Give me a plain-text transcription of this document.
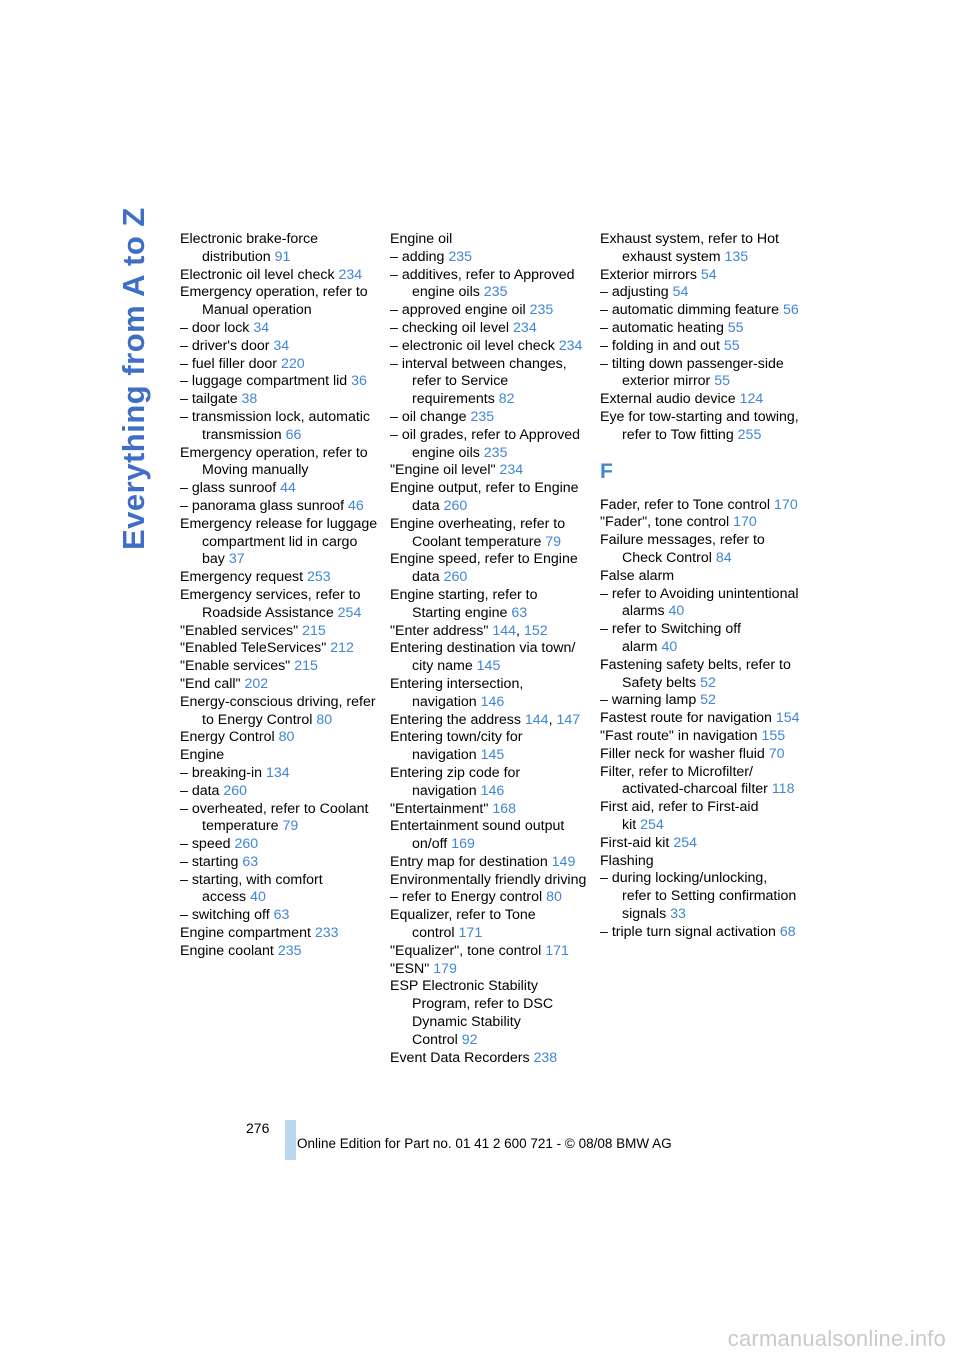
Everything from A to Z Electronic brake-force distribution 91
Electronic oil level check 234
Emergency operation, refer to Manual operation
– door lock 34
– driver's door 34
– fuel filler door 220
– luggage compartment lid 36
– tailgate 38
– transmission lock, automatic transmission 66
Emergency operation, refer to Moving manually
– glass sunroof 44
– panorama glass sunroof 46
Emergency release for luggage compartment lid in cargo bay 37
Emergency request 253
Emergency services, refer to Roadside Assistance 254
"Enabled services" 215
"Enabled TeleServices" 212
"Enable services" 215
"End call" 202
Energy-conscious driving, refer to Energy Control 80
Energy Control 80
Engine
– breaking-in 134
– data 260
– overheated, refer to Coolant temperature 79
– speed 260
– starting 63
– starting, with comfort access 40
– switching off 63
Engine compartment 233
Engine coolant 235
Engine oil
– adding 235
– additives, refer to Approved engine oils 235
– approved engine oil 235
– checking oil level 234
– electronic oil level check 234
– interval between changes, refer to Service requirements 82
– oil change 235
– oil grades, refer to Approved engine oils 235
"Engine oil level" 234
Engine output, refer to Engine data 260
Engine overheating, refer to Coolant temperature 79
Engine speed, refer to Engine data 260
Engine starting, refer to Starting engine 63
"Enter address" 144, 152
Entering destination via town/ city name 145
Entering intersection, navigation 146
Entering the address 144, 147
Entering town/city for navigation 145
Entering zip code for navigation 146
"Entertainment" 168
Entertainment sound output on/off 169
Entry map for destination 149
Environmentally friendly driving
– refer to Energy control 80
Equalizer, refer to Tone control 171
"Equalizer", tone control 171
"ESN" 179
ESP Electronic Stability Program, refer to DSC Dynamic Stability Control 92
Event Data Recorders 238
Exhaust system, refer to Hot exhaust system 135
Exterior mirrors 54
– adjusting 54
– automatic dimming feature 56
– automatic heating 55
– folding in and out 55
– tilting down passenger-side exterior mirror 55
External audio device 124
Eye for tow-starting and towing, refer to Tow fitting 255
F
Fader, refer to Tone control 170
"Fader", tone control 170
Failure messages, refer to Check Control 84
False alarm
– refer to Avoiding unintentional alarms 40
– refer to Switching off alarm 40
Fastening safety belts, refer to Safety belts 52
– warning lamp 52
Fastest route for navigation 154
"Fast route" in navigation 155
Filler neck for washer fluid 70
Filter, refer to Microfilter/ activated-charcoal filter 118
First aid, refer to First-aid kit 254
First-aid kit 254
Flashing
– during locking/unlocking, refer to Setting confirmation signals 33
– triple turn signal activation 68
276
Online Edition for Part no. 01 41 2 600 721 - © 08/08 BMW AG
carmanualsonline.info
